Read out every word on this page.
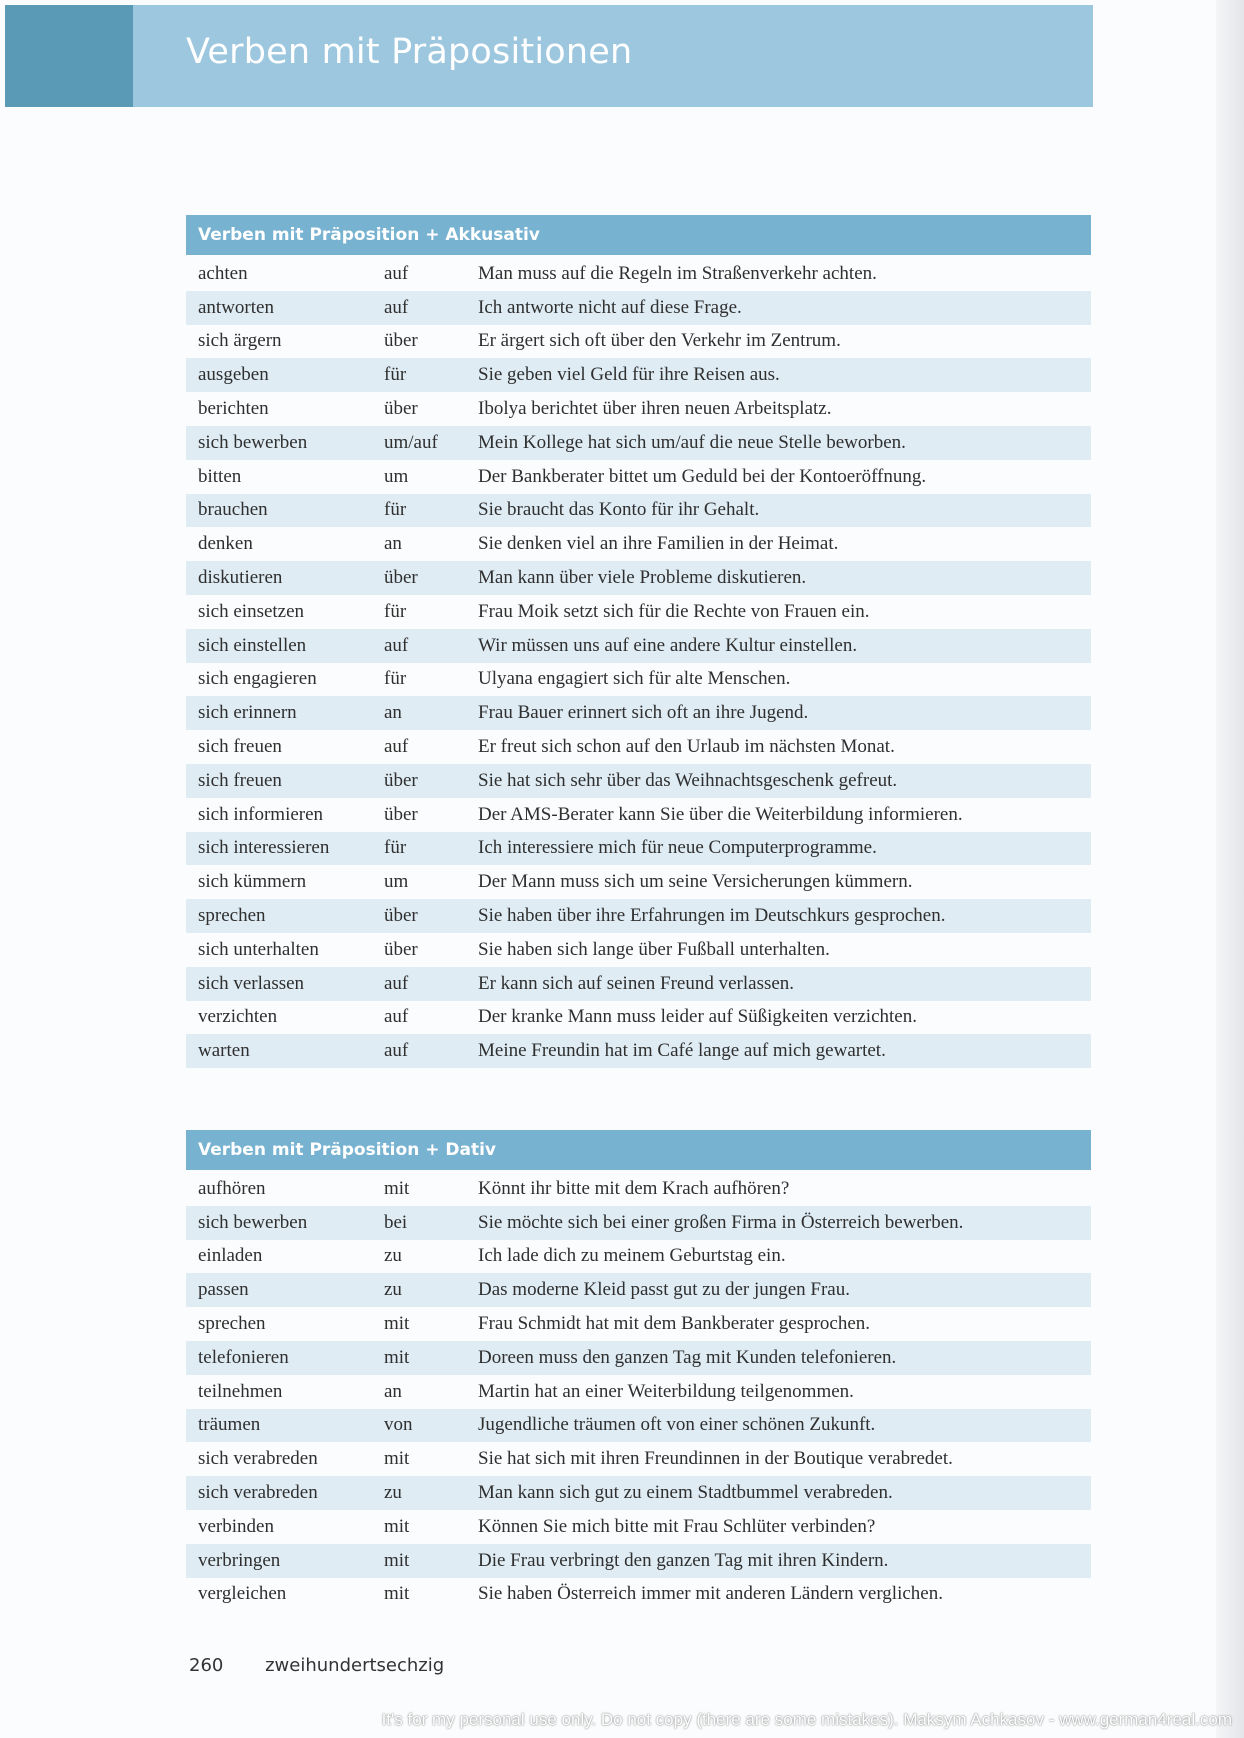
Verben mit Präpositionen
Verben mit Präposition + Akkusativ
achten	auf	Man muss auf die Regeln im Straßenverkehr achten.
antworten	auf	Ich antworte nicht auf diese Frage.
sich ärgern	über	Er ärgert sich oft über den Verkehr im Zentrum.
ausgeben	für	Sie geben viel Geld für ihre Reisen aus.
berichten	über	Ibolya berichtet über ihren neuen Arbeitsplatz.
sich bewerben	um/auf	Mein Kollege hat sich um/auf die neue Stelle beworben.
bitten	um	Der Bankberater bittet um Geduld bei der Kontoeröffnung.
brauchen	für	Sie braucht das Konto für ihr Gehalt.
denken	an	Sie denken viel an ihre Familien in der Heimat.
diskutieren	über	Man kann über viele Probleme diskutieren.
sich einsetzen	für	Frau Moik setzt sich für die Rechte von Frauen ein.
sich einstellen	auf	Wir müssen uns auf eine andere Kultur einstellen.
sich engagieren	für	Ulyana engagiert sich für alte Menschen.
sich erinnern	an	Frau Bauer erinnert sich oft an ihre Jugend.
sich freuen	auf	Er freut sich schon auf den Urlaub im nächsten Monat.
sich freuen	über	Sie hat sich sehr über das Weihnachtsgeschenk gefreut.
sich informieren	über	Der AMS-Berater kann Sie über die Weiterbildung informieren.
sich interessieren	für	Ich interessiere mich für neue Computerprogramme.
sich kümmern	um	Der Mann muss sich um seine Versicherungen kümmern.
sprechen	über	Sie haben über ihre Erfahrungen im Deutschkurs gesprochen.
sich unterhalten	über	Sie haben sich lange über Fußball unterhalten.
sich verlassen	auf	Er kann sich auf seinen Freund verlassen.
verzichten	auf	Der kranke Mann muss leider auf Süßigkeiten verzichten.
warten	auf	Meine Freundin hat im Café lange auf mich gewartet.
Verben mit Präposition + Dativ
aufhören	mit	Könnt ihr bitte mit dem Krach aufhören?
sich bewerben	bei	Sie möchte sich bei einer großen Firma in Österreich bewerben.
einladen	zu	Ich lade dich zu meinem Geburtstag ein.
passen	zu	Das moderne Kleid passt gut zu der jungen Frau.
sprechen	mit	Frau Schmidt hat mit dem Bankberater gesprochen.
telefonieren	mit	Doreen muss den ganzen Tag mit Kunden telefonieren.
teilnehmen	an	Martin hat an einer Weiterbildung teilgenommen.
träumen	von	Jugendliche träumen oft von einer schönen Zukunft.
sich verabreden	mit	Sie hat sich mit ihren Freundinnen in der Boutique verabredet.
sich verabreden	zu	Man kann sich gut zu einem Stadtbummel verabreden.
verbinden	mit	Können Sie mich bitte mit Frau Schlüter verbinden?
verbringen	mit	Die Frau verbringt den ganzen Tag mit ihren Kindern.
vergleichen	mit	Sie haben Österreich immer mit anderen Ländern verglichen.
260 zweihundertsechzig
It's for my personal use only. Do not copy (there are some mistakes). Maksym Achkasov - www.german4real.com
